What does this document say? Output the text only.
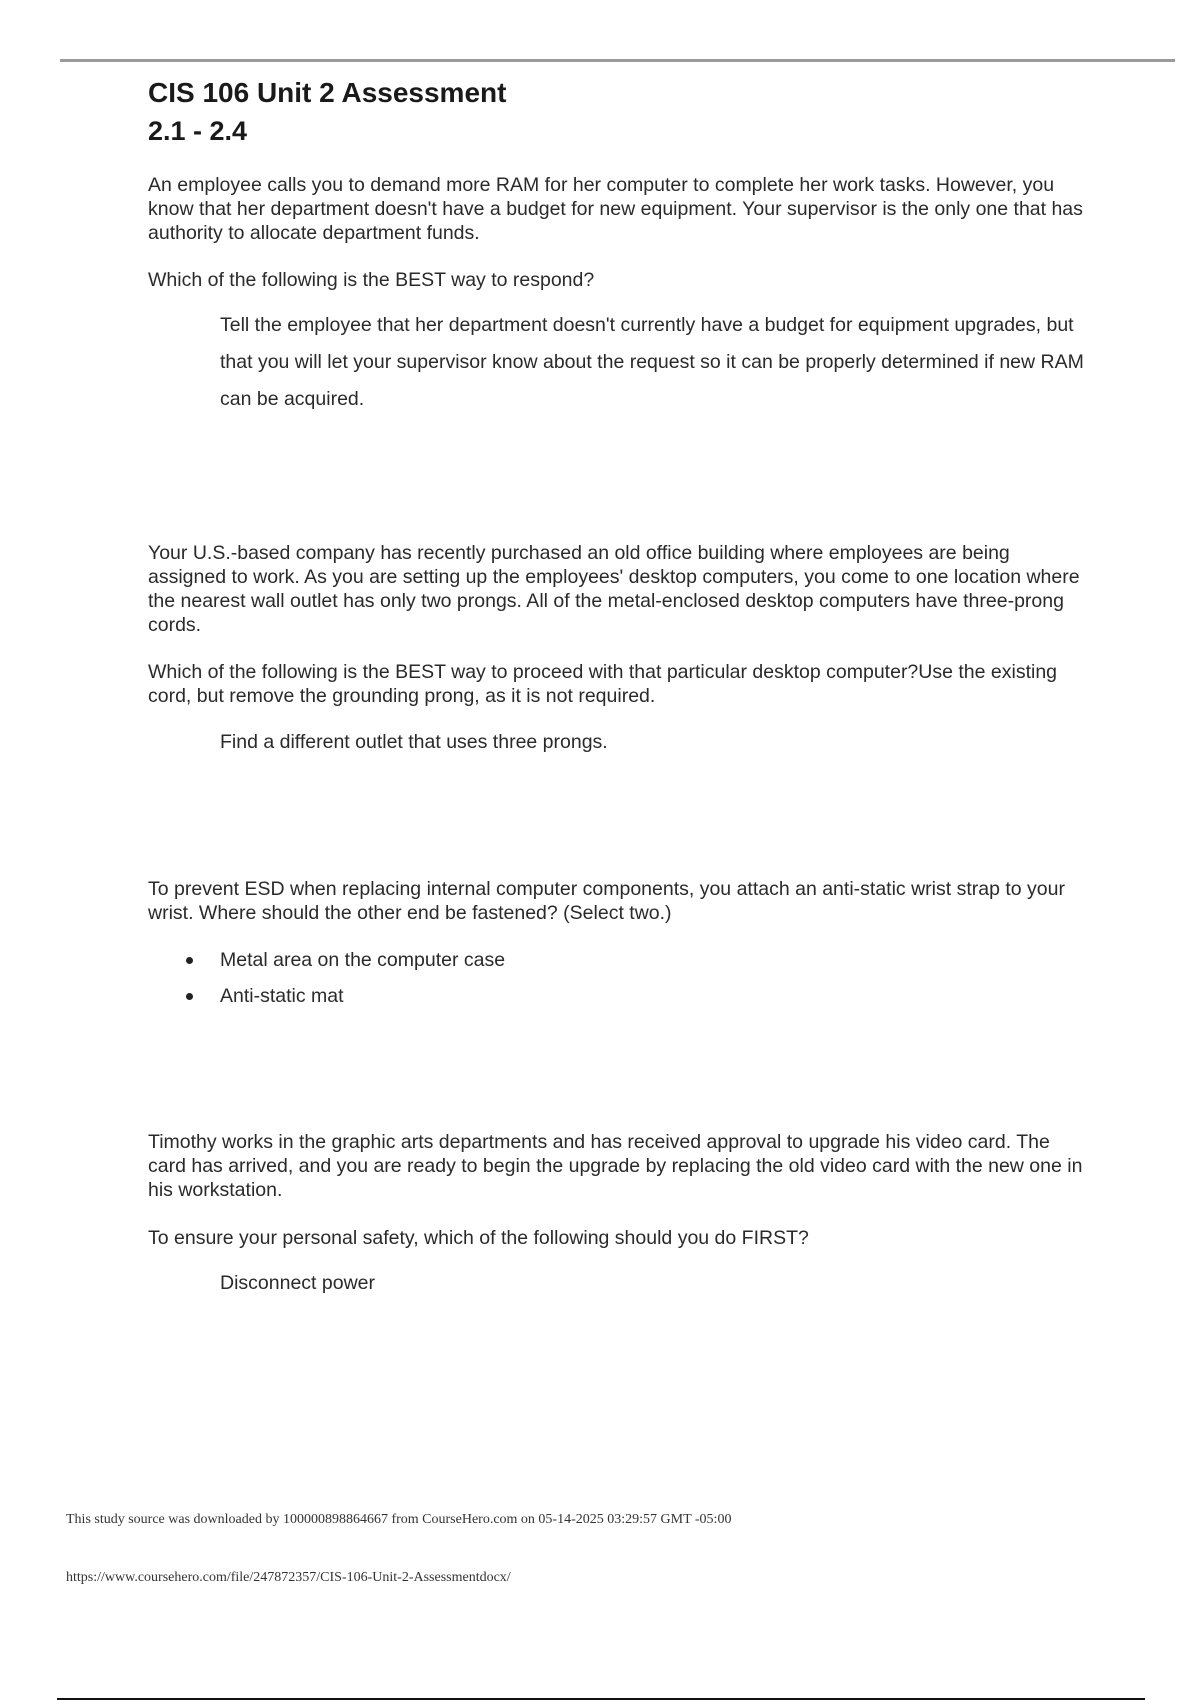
CIS 106 Unit 2 Assessment
2.1 - 2.4
An employee calls you to demand more RAM for her computer to complete her work tasks. However, you know that her department doesn't have a budget for new equipment. Your supervisor is the only one that has authority to allocate department funds.
Which of the following is the BEST way to respond?
Tell the employee that her department doesn't currently have a budget for equipment upgrades, but that you will let your supervisor know about the request so it can be properly determined if new RAM can be acquired.
Your U.S.-based company has recently purchased an old office building where employees are being assigned to work. As you are setting up the employees' desktop computers, you come to one location where the nearest wall outlet has only two prongs. All of the metal-enclosed desktop computers have three-prong cords.
Which of the following is the BEST way to proceed with that particular desktop computer?Use the existing cord, but remove the grounding prong, as it is not required.
Find a different outlet that uses three prongs.
To prevent ESD when replacing internal computer components, you attach an anti-static wrist strap to your wrist. Where should the other end be fastened? (Select two.)
Metal area on the computer case
Anti-static mat
Timothy works in the graphic arts departments and has received approval to upgrade his video card. The card has arrived, and you are ready to begin the upgrade by replacing the old video card with the new one in his workstation.
To ensure your personal safety, which of the following should you do FIRST?
Disconnect power
This study source was downloaded by 100000898864667 from CourseHero.com on 05-14-2025 03:29:57 GMT -05:00
https://www.coursehero.com/file/247872357/CIS-106-Unit-2-Assessmentdocx/
